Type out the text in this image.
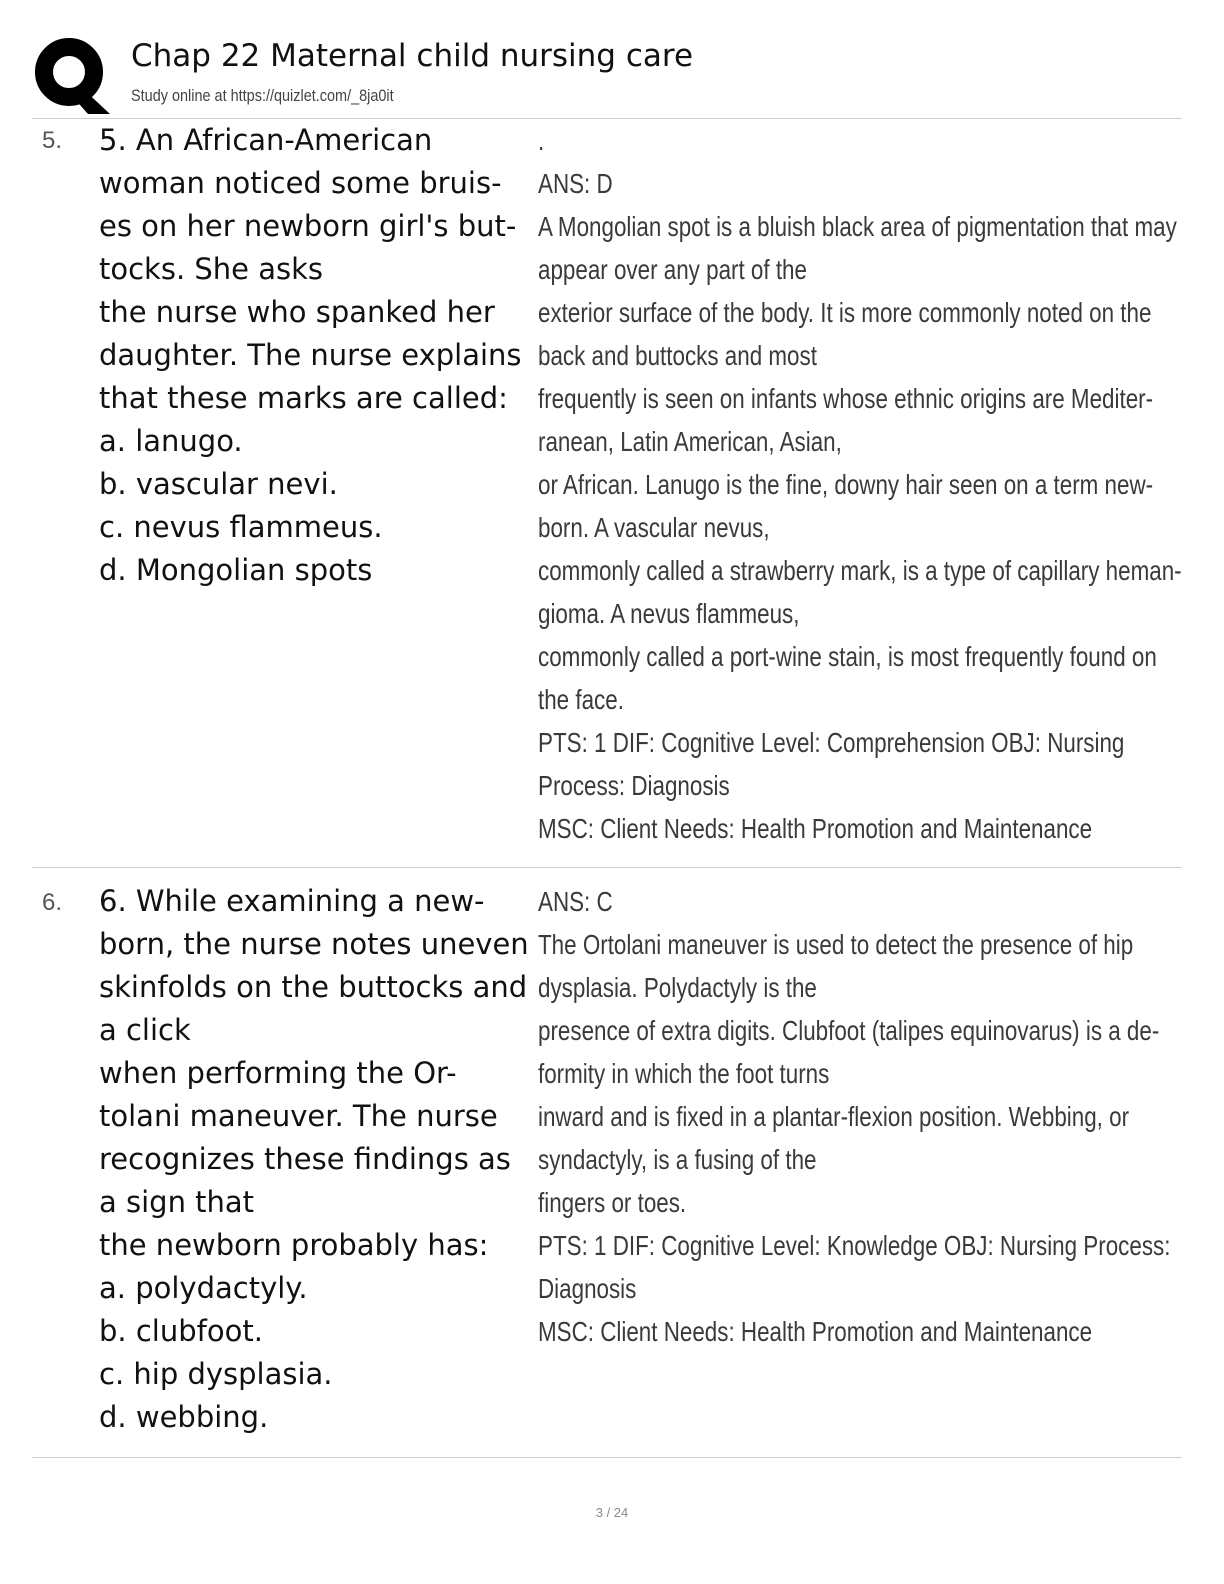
Chap 22 Maternal child nursing care
Study online at https://quizlet.com/_8ja0it
5. 5. An African-American
woman noticed some bruis-
es on her newborn girl's but-
tocks. She asks
the nurse who spanked her
daughter. The nurse explains
that these marks are called:
a. lanugo.
b. vascular nevi.
c. nevus flammeus.
d. Mongolian spots
.
ANS: D
A Mongolian spot is a bluish black area of pigmentation that may
appear over any part of the
exterior surface of the body. It is more commonly noted on the
back and buttocks and most
frequently is seen on infants whose ethnic origins are Mediter-
ranean, Latin American, Asian,
or African. Lanugo is the fine, downy hair seen on a term new-
born. A vascular nevus,
commonly called a strawberry mark, is a type of capillary heman-
gioma. A nevus flammeus,
commonly called a port-wine stain, is most frequently found on
the face.
PTS: 1 DIF: Cognitive Level: Comprehension OBJ: Nursing
Process: Diagnosis
MSC: Client Needs: Health Promotion and Maintenance
6. 6. While examining a new-
born, the nurse notes uneven
skinfolds on the buttocks and
a click
when performing the Or-
tolani maneuver. The nurse
recognizes these findings as
a sign that
the newborn probably has:
a. polydactyly.
b. clubfoot.
c. hip dysplasia.
d. webbing.
ANS: C
The Ortolani maneuver is used to detect the presence of hip
dysplasia. Polydactyly is the
presence of extra digits. Clubfoot (talipes equinovarus) is a de-
formity in which the foot turns
inward and is fixed in a plantar-flexion position. Webbing, or
syndactyly, is a fusing of the
fingers or toes.
PTS: 1 DIF: Cognitive Level: Knowledge OBJ: Nursing Process:
Diagnosis
MSC: Client Needs: Health Promotion and Maintenance
3 / 24
